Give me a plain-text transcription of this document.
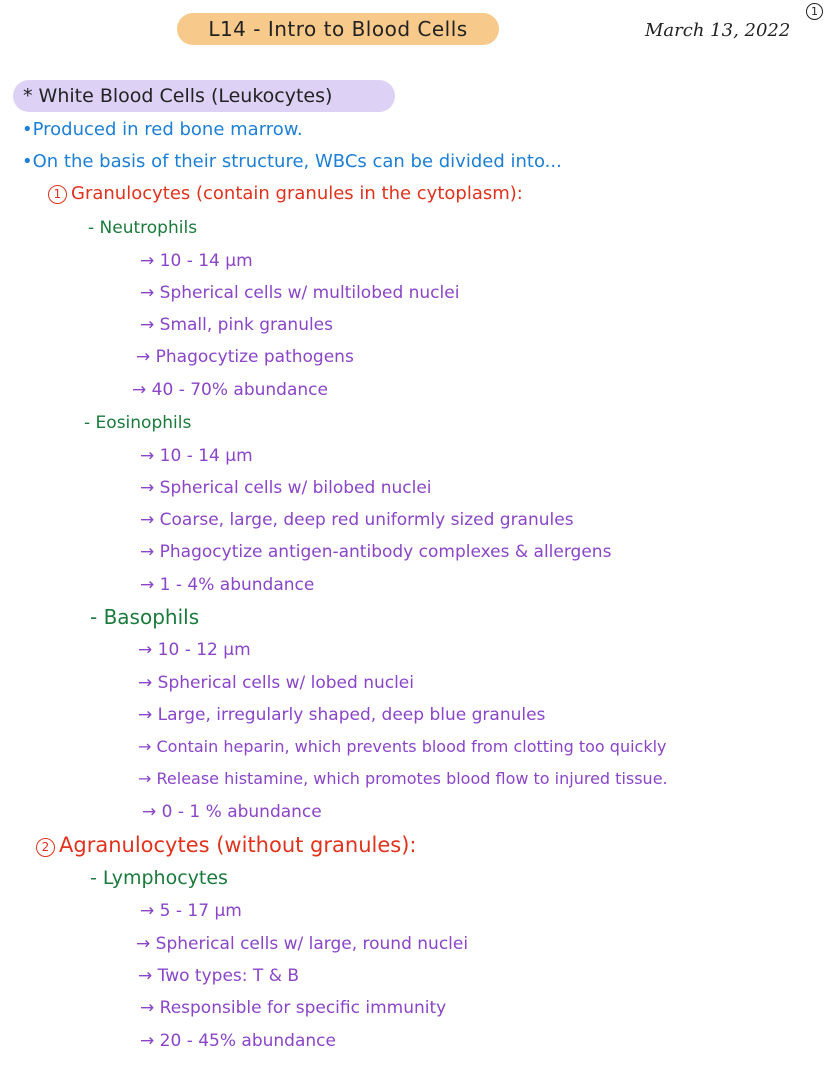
L14 - Intro to Blood Cells	March 13, 2022
1
* White Blood Cells (Leukocytes)
•Produced in red bone marrow.
•On the basis of their structure, WBCs can be divided into...
1 Granulocytes (contain granules in the cytoplasm):
- Neutrophils
→ 10 - 14 μm
→ Spherical cells w/ multilobed nuclei
→ Small, pink granules
→ Phagocytize pathogens
→ 40 - 70% abundance
- Eosinophils
→ 10 - 14 μm
→ Spherical cells w/ bilobed nuclei
→ Coarse, large, deep red uniformly sized granules
→ Phagocytize antigen-antibody complexes & allergens
→ 1 - 4% abundance
- Basophils
→ 10 - 12 μm
→ Spherical cells w/ lobed nuclei
→ Large, irregularly shaped, deep blue granules
→ Contain heparin, which prevents blood from clotting too quickly
→ Release histamine, which promotes blood flow to injured tissue.
→ 0 - 1 % abundance
2 Agranulocytes (without granules):
- Lymphocytes
→ 5 - 17 μm
→ Spherical cells w/ large, round nuclei
→ Two types: T & B
→ Responsible for specific immunity
→ 20 - 45% abundance
